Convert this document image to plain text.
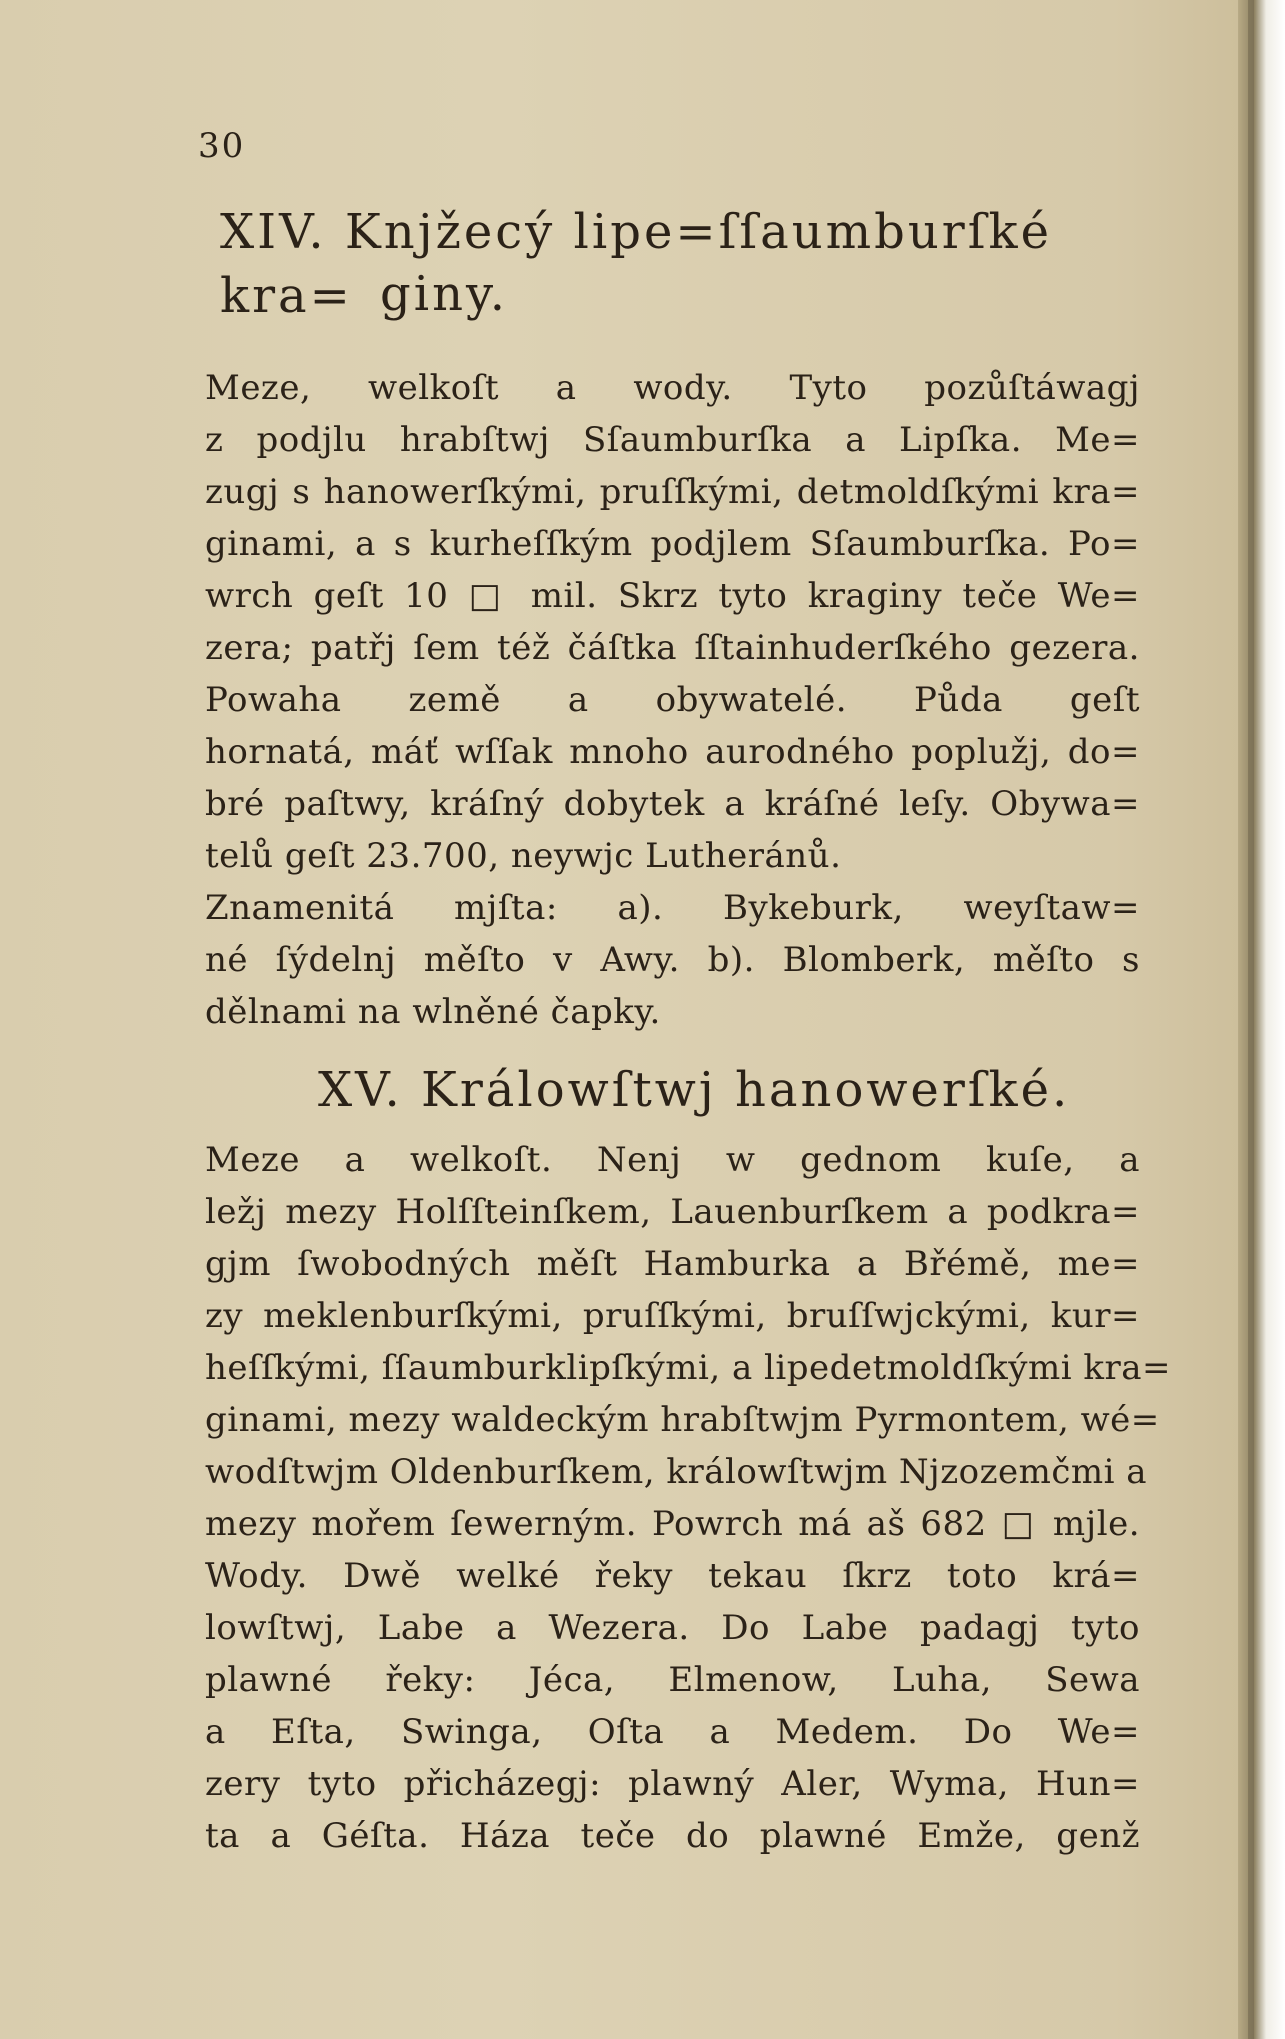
30
XIV. Knjžecý lipe=ſſaumburſké kra= giny.
Meze, welkoſt a wody. Tyto pozůſtáwagj
z podjlu hrabſtwj Sſaumburſka a Lipſka. Me=
zugj s hanowerſkými, pruſſkými, detmoldſkými kra=
ginami, a s kurheſſkým podjlem Sſaumburſka. Po=
wrch geſt 10 □ mil. Skrz tyto kraginy teče We=
zera; patřj ſem též čáſtka ſſtainhuderſkého gezera.
Powaha země a obywatelé. Půda geſt
hornatá, máť wſſak mnoho aurodného poplužj, do=
bré paſtwy, kráſný dobytek a kráſné leſy. Obywa=
telů geſt 23.700, neywjc Lutheránů.
Znamenitá mjſta: a). Bykeburk, weyſtaw=
né ſýdelnj měſto v Awy. b). Blomberk, měſto s
dělnami na wlněné čapky.
XV. Králowſtwj hanowerſké.
Meze a welkoſt. Nenj w gednom kuſe, a
ležj mezy Holſſteinſkem, Lauenburſkem a podkra=
gjm ſwobodných měſt Hamburka a Břémě, me=
zy meklenburſkými, pruſſkými, bruſſwjckými, kur=
heſſkými, ſſaumburklipſkými, a lipedetmoldſkými kra=
ginami, mezy waldeckým hrabſtwjm Pyrmontem, wé=
wodſtwjm Oldenburſkem, králowſtwjm Njzozemčmi a
mezy mořem ſewerným. Powrch má aš 682 □ mjle.
Wody. Dwě welké řeky tekau ſkrz toto krá=
lowſtwj, Labe a Wezera. Do Labe padagj tyto
plawné řeky: Jéca, Elmenow, Luha, Sewa
a Eſta, Swinga, Oſta a Medem. Do We=
zery tyto přicházegj: plawný Aler, Wyma, Hun=
ta a Géſta. Háza teče do plawné Emže, genž
